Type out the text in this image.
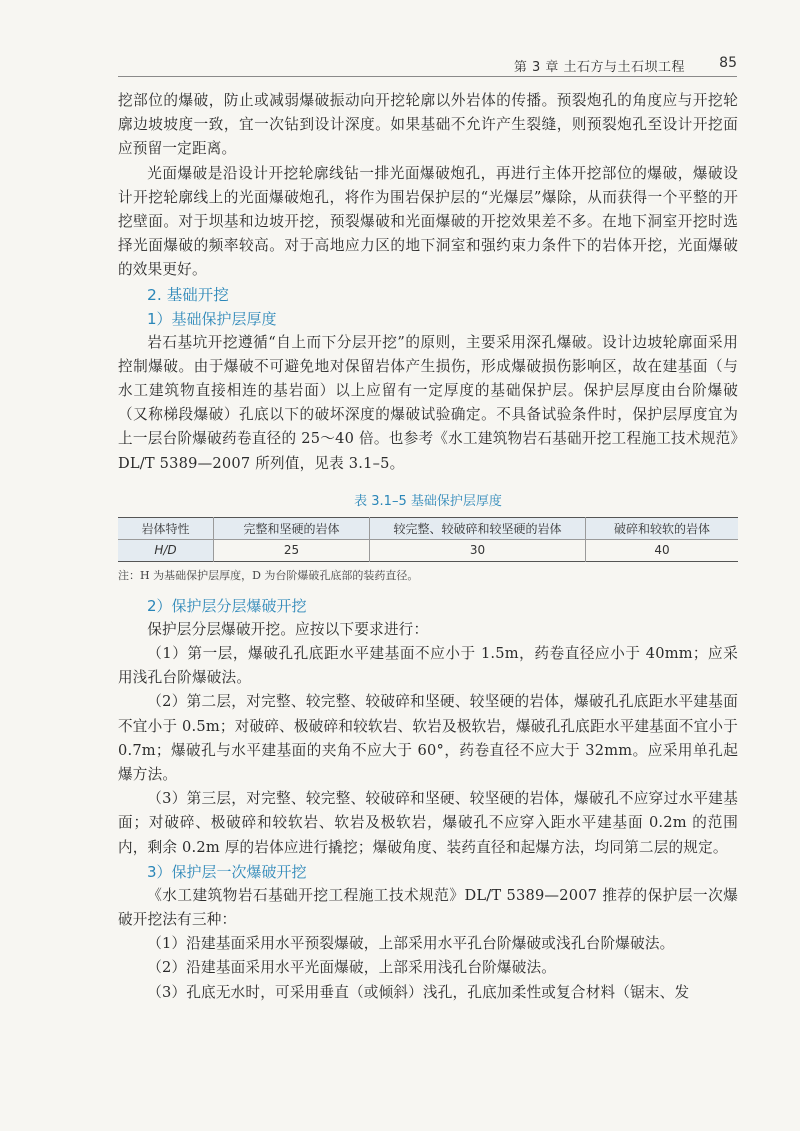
第 3 章 土石方与土石坝工程 85

挖部位的爆破，防止或减弱爆破振动向开挖轮廓以外岩体的传播。预裂炮孔的角度应与开挖轮廓边坡坡度一致，宜一次钻到设计深度。如果基础不允许产生裂缝，则预裂炮孔至设计开挖面应预留一定距离。

光面爆破是沿设计开挖轮廓线钻一排光面爆破炮孔，再进行主体开挖部位的爆破，爆破设计开挖轮廓线上的光面爆破炮孔，将作为围岩保护层的“光爆层”爆除，从而获得一个平整的开挖壁面。对于坝基和边坡开挖，预裂爆破和光面爆破的开挖效果差不多。在地下洞室开挖时选择光面爆破的频率较高。对于高地应力区的地下洞室和强约束力条件下的岩体开挖，光面爆破的效果更好。

2. 基础开挖
1）基础保护层厚度

岩石基坑开挖遵循“自上而下分层开挖”的原则，主要采用深孔爆破。设计边坡轮廓面采用控制爆破。由于爆破不可避免地对保留岩体产生损伤，形成爆破损伤影响区，故在建基面（与水工建筑物直接相连的基岩面）以上应留有一定厚度的基础保护层。保护层厚度由台阶爆破（又称梯段爆破）孔底以下的破坏深度的爆破试验确定。不具备试验条件时，保护层厚度宜为上一层台阶爆破药卷直径的 25～40 倍。也参考《水工建筑物岩石基础开挖工程施工技术规范》DL/T 5389—2007 所列值，见表 3.1–5。

表 3.1–5 基础保护层厚度
岩体特性	完整和坚硬的岩体	较完整、较破碎和较坚硬的岩体	破碎和较软的岩体
H/D	25	30	40

注：H 为基础保护层厚度，D 为台阶爆破孔底部的装药直径。

2）保护层分层爆破开挖

保护层分层爆破开挖。应按以下要求进行：

（1）第一层，爆破孔孔底距水平建基面不应小于 1.5m，药卷直径应小于 40mm；应采用浅孔台阶爆破法。

（2）第二层，对完整、较完整、较破碎和坚硬、较坚硬的岩体，爆破孔孔底距水平建基面不宜小于 0.5m；对破碎、极破碎和较软岩、软岩及极软岩，爆破孔孔底距水平建基面不宜小于 0.7m；爆破孔与水平建基面的夹角不应大于 60°，药卷直径不应大于 32mm。应采用单孔起爆方法。

（3）第三层，对完整、较完整、较破碎和坚硬、较坚硬的岩体，爆破孔不应穿过水平建基面；对破碎、极破碎和较软岩、软岩及极软岩，爆破孔不应穿入距水平建基面 0.2m 的范围内，剩余 0.2m 厚的岩体应进行撬挖；爆破角度、装药直径和起爆方法，均同第二层的规定。

3）保护层一次爆破开挖

《水工建筑物岩石基础开挖工程施工技术规范》DL/T 5389—2007 推荐的保护层一次爆破开挖法有三种：

（1）沿建基面采用水平预裂爆破，上部采用水平孔台阶爆破或浅孔台阶爆破法。

（2）沿建基面采用水平光面爆破，上部采用浅孔台阶爆破法。

（3）孔底无水时，可采用垂直（或倾斜）浅孔，孔底加柔性或复合材料（锯末、发
